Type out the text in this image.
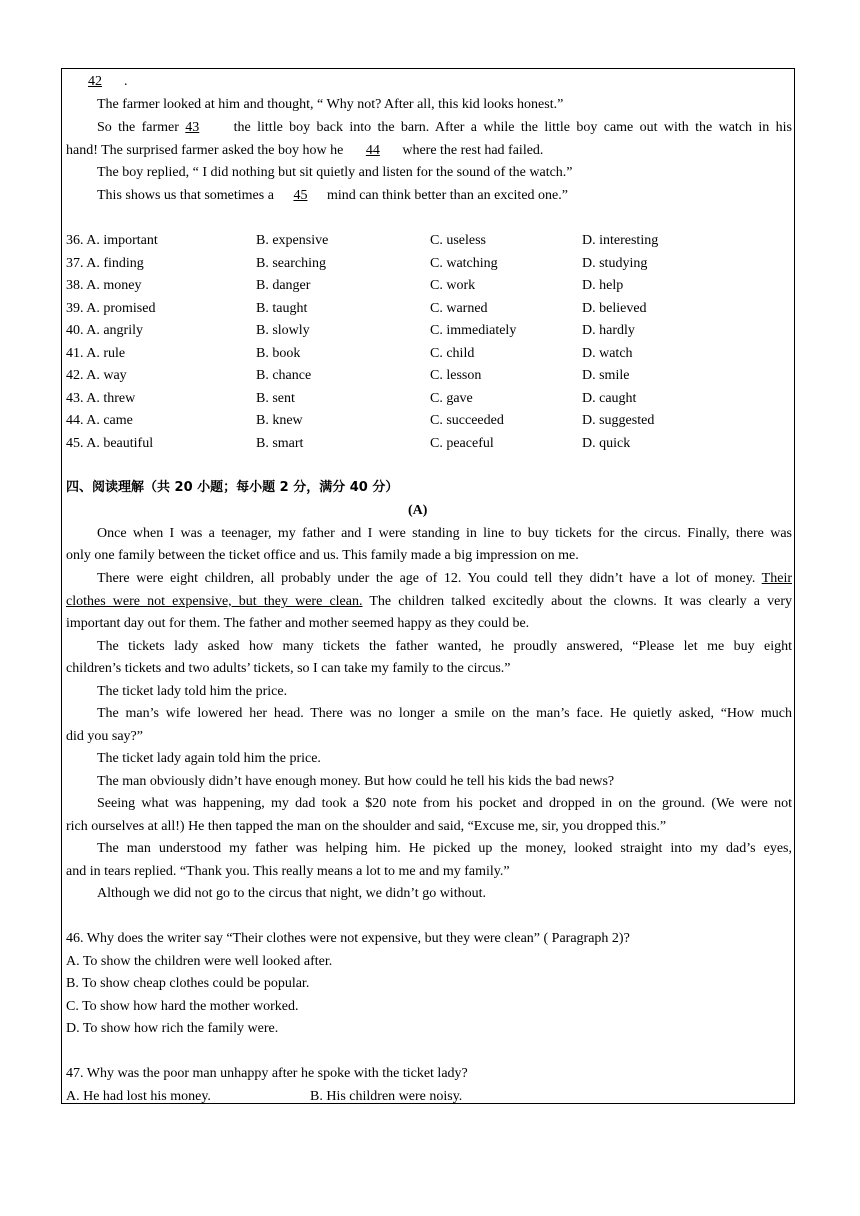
42 .
The farmer looked at him and thought, “ Why not? After all, this kid looks honest.”
So the farmer 43 the little boy back into the barn. After a while the little boy came out with the watch in his
hand! The surprised farmer asked the boy how he 44 where the rest had failed.
The boy replied, “ I did nothing but sit quietly and listen for the sound of the watch.”
This shows us that sometimes a 45 mind can think better than an excited one.”
36. A. important	B. expensive	C. useless	D. interesting
37. A. finding	B. searching	C. watching	D. studying
38. A. money	B. danger	C. work	D. help
39. A. promised	B. taught	C. warned	D. believed
40. A. angrily	B. slowly	C. immediately	D. hardly
41. A. rule	B. book	C. child	D. watch
42. A. way	B. chance	C. lesson	D. smile
43. A. threw	B. sent	C. gave	D. caught
44. A. came	B. knew	C. succeeded	D. suggested
45. A. beautiful	B. smart	C. peaceful	D. quick
四、阅读理解（共 20 小题；每小题 2 分，满分 40 分）
(A)
Once when I was a teenager, my father and I were standing in line to buy tickets for the circus. Finally, there was
only one family between the ticket office and us. This family made a big impression on me.
There were eight children, all probably under the age of 12. You could tell they didn’t have a lot of money. Their
clothes were not expensive, but they were clean. The children talked excitedly about the clowns. It was clearly a very
important day out for them. The father and mother seemed happy as they could be.
The tickets lady asked how many tickets the father wanted, he proudly answered, “Please let me buy eight
children’s tickets and two adults’ tickets, so I can take my family to the circus.”
The ticket lady told him the price.
The man’s wife lowered her head. There was no longer a smile on the man’s face. He quietly asked, “How much
did you say?”
The ticket lady again told him the price.
The man obviously didn’t have enough money. But how could he tell his kids the bad news?
Seeing what was happening, my dad took a $20 note from his pocket and dropped in on the ground. (We were not
rich ourselves at all!) He then tapped the man on the shoulder and said, “Excuse me, sir, you dropped this.”
The man understood my father was helping him. He picked up the money, looked straight into my dad’s eyes,
and in tears replied. “Thank you. This really means a lot to me and my family.”
Although we did not go to the circus that night, we didn’t go without.
46. Why does the writer say “Their clothes were not expensive, but they were clean” ( Paragraph 2)?
A. To show the children were well looked after.
B. To show cheap clothes could be popular.
C. To show how hard the mother worked.
D. To show how rich the family were.
47. Why was the poor man unhappy after he spoke with the ticket lady?
A. He had lost his money.	B. His children were noisy.
